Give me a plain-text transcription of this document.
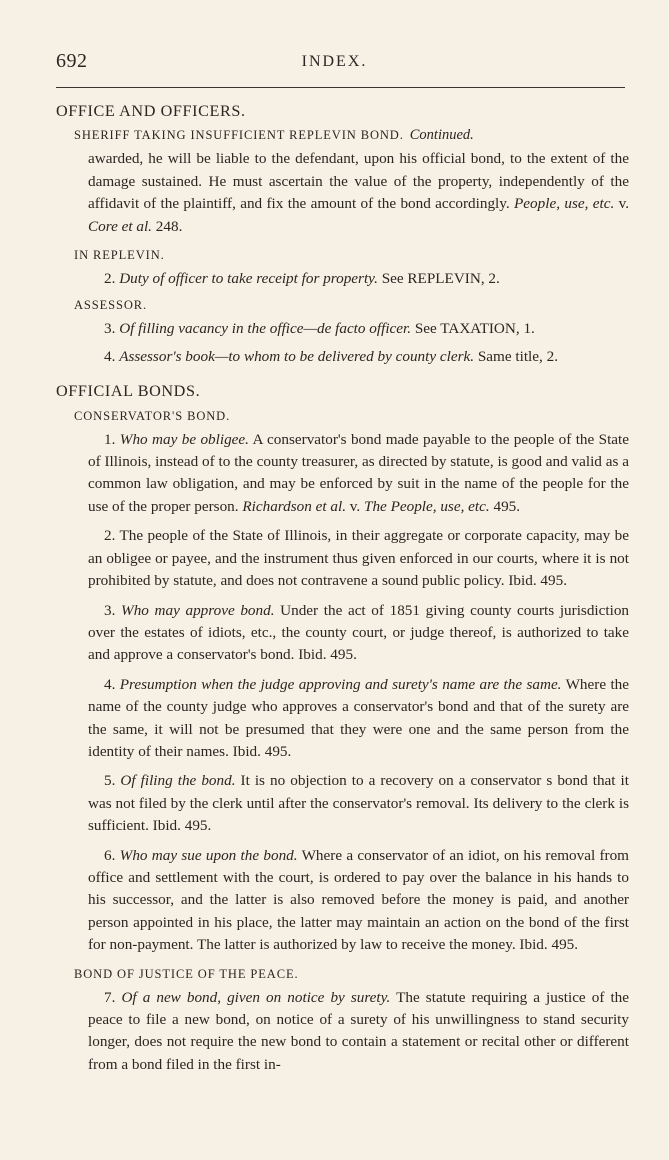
692	INDEX.
OFFICE AND OFFICERS.
SHERIFF TAKING INSUFFICIENT REPLEVIN BOND. Continued.
awarded, he will be liable to the defendant, upon his official bond, to the extent of the damage sustained. He must ascertain the value of the property, independently of the affidavit of the plaintiff, and fix the amount of the bond accordingly. People, use, etc. v. Core et al. 248.
IN REPLEVIN.
2. Duty of officer to take receipt for property. See REPLEVIN, 2.
ASSESSOR.
3. Of filling vacancy in the office—de facto officer. See TAXATION, 1.
4. Assessor's book—to whom to be delivered by county clerk. Same title, 2.
OFFICIAL BONDS.
CONSERVATOR'S BOND.
1. Who may be obligee. A conservator's bond made payable to the people of the State of Illinois, instead of to the county treasurer, as directed by statute, is good and valid as a common law obligation, and may be enforced by suit in the name of the people for the use of the proper person. Richardson et al. v. The People, use, etc. 495.
2. The people of the State of Illinois, in their aggregate or corporate capacity, may be an obligee or payee, and the instrument thus given enforced in our courts, where it is not prohibited by statute, and does not contravene a sound public policy. Ibid. 495.
3. Who may approve bond. Under the act of 1851 giving county courts jurisdiction over the estates of idiots, etc., the county court, or judge thereof, is authorized to take and approve a conservator's bond. Ibid. 495.
4. Presumption when the judge approving and surety's name are the same. Where the name of the county judge who approves a conservator's bond and that of the surety are the same, it will not be presumed that they were one and the same person from the identity of their names. Ibid. 495.
5. Of filing the bond. It is no objection to a recovery on a conservator s bond that it was not filed by the clerk until after the conservator's removal. Its delivery to the clerk is sufficient. Ibid. 495.
6. Who may sue upon the bond. Where a conservator of an idiot, on his removal from office and settlement with the court, is ordered to pay over the balance in his hands to his successor, and the latter is also removed before the money is paid, and another person appointed in his place, the latter may maintain an action on the bond of the first for non-payment. The latter is authorized by law to receive the money. Ibid. 495.
BOND OF JUSTICE OF THE PEACE.
7. Of a new bond, given on notice by surety. The statute requiring a justice of the peace to file a new bond, on notice of a surety of his unwillingness to stand security longer, does not require the new bond to contain a statement or recital other or different from a bond filed in the first in-
